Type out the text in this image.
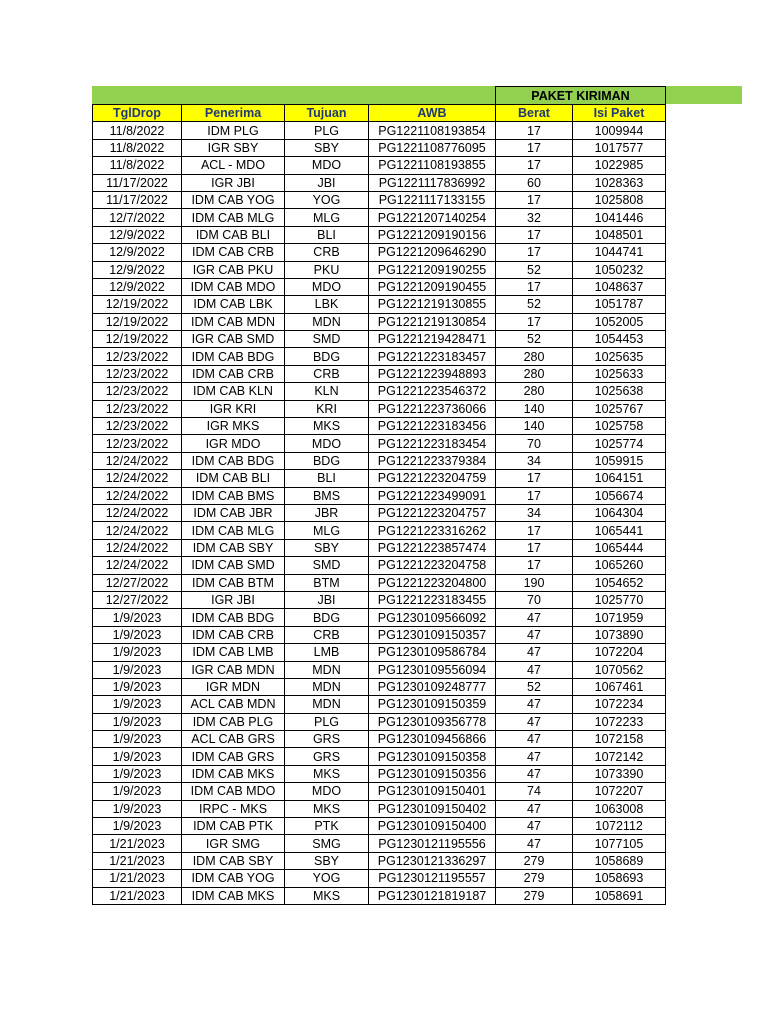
				PAKET KIRIMAN	
TglDrop	Penerima	Tujuan	AWB	Berat	Isi Paket
11/8/2022	IDM PLG	PLG	PG1221108193854	17	1009944
11/8/2022	IGR SBY	SBY	PG1221108776095	17	1017577
11/8/2022	ACL - MDO	MDO	PG1221108193855	17	1022985
11/17/2022	IGR JBI	JBI	PG1221117836992	60	1028363
11/17/2022	IDM CAB YOG	YOG	PG1221117133155	17	1025808
12/7/2022	IDM CAB MLG	MLG	PG1221207140254	32	1041446
12/9/2022	IDM CAB BLI	BLI	PG1221209190156	17	1048501
12/9/2022	IDM CAB CRB	CRB	PG1221209646290	17	1044741
12/9/2022	IGR CAB PKU	PKU	PG1221209190255	52	1050232
12/9/2022	IDM CAB MDO	MDO	PG1221209190455	17	1048637
12/19/2022	IDM CAB LBK	LBK	PG1221219130855	52	1051787
12/19/2022	IDM CAB MDN	MDN	PG1221219130854	17	1052005
12/19/2022	IGR CAB SMD	SMD	PG1221219428471	52	1054453
12/23/2022	IDM CAB BDG	BDG	PG1221223183457	280	1025635
12/23/2022	IDM CAB CRB	CRB	PG1221223948893	280	1025633
12/23/2022	IDM CAB KLN	KLN	PG1221223546372	280	1025638
12/23/2022	IGR KRI	KRI	PG1221223736066	140	1025767
12/23/2022	IGR MKS	MKS	PG1221223183456	140	1025758
12/23/2022	IGR MDO	MDO	PG1221223183454	70	1025774
12/24/2022	IDM CAB BDG	BDG	PG1221223379384	34	1059915
12/24/2022	IDM CAB BLI	BLI	PG1221223204759	17	1064151
12/24/2022	IDM CAB BMS	BMS	PG1221223499091	17	1056674
12/24/2022	IDM CAB JBR	JBR	PG1221223204757	34	1064304
12/24/2022	IDM CAB MLG	MLG	PG1221223316262	17	1065441
12/24/2022	IDM CAB SBY	SBY	PG1221223857474	17	1065444
12/24/2022	IDM CAB SMD	SMD	PG1221223204758	17	1065260
12/27/2022	IDM CAB BTM	BTM	PG1221223204800	190	1054652
12/27/2022	IGR JBI	JBI	PG1221223183455	70	1025770
1/9/2023	IDM CAB BDG	BDG	PG1230109566092	47	1071959
1/9/2023	IDM CAB CRB	CRB	PG1230109150357	47	1073890
1/9/2023	IDM CAB LMB	LMB	PG1230109586784	47	1072204
1/9/2023	IGR CAB MDN	MDN	PG1230109556094	47	1070562
1/9/2023	IGR MDN	MDN	PG1230109248777	52	1067461
1/9/2023	ACL CAB MDN	MDN	PG1230109150359	47	1072234
1/9/2023	IDM CAB PLG	PLG	PG1230109356778	47	1072233
1/9/2023	ACL CAB GRS	GRS	PG1230109456866	47	1072158
1/9/2023	IDM CAB GRS	GRS	PG1230109150358	47	1072142
1/9/2023	IDM CAB MKS	MKS	PG1230109150356	47	1073390
1/9/2023	IDM CAB MDO	MDO	PG1230109150401	74	1072207
1/9/2023	IRPC - MKS	MKS	PG1230109150402	47	1063008
1/9/2023	IDM CAB PTK	PTK	PG1230109150400	47	1072112
1/21/2023	IGR SMG	SMG	PG1230121195556	47	1077105
1/21/2023	IDM CAB SBY	SBY	PG1230121336297	279	1058689
1/21/2023	IDM CAB YOG	YOG	PG1230121195557	279	1058693
1/21/2023	IDM CAB MKS	MKS	PG1230121819187	279	1058691
